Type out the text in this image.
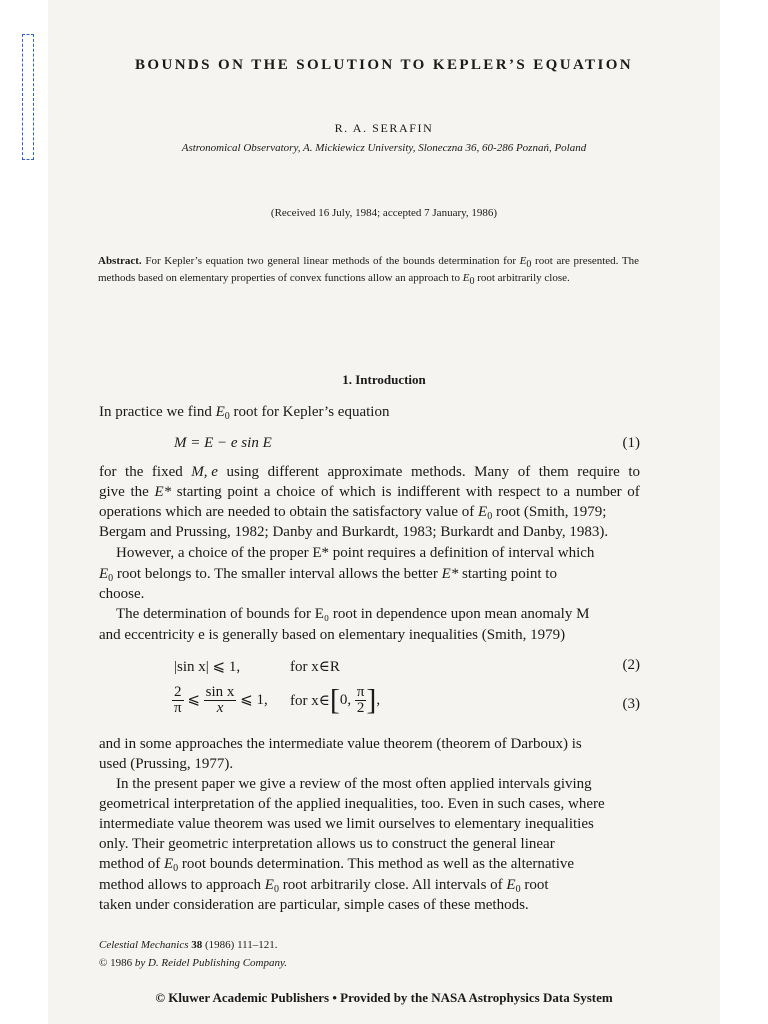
BOUNDS ON THE SOLUTION TO KEPLER’S EQUATION
R. A. SERAFIN
Astronomical Observatory, A. Mickiewicz University, Sloneczna 36, 60-286 Poznań, Poland
(Received 16 July, 1984; accepted 7 January, 1986)
Abstract. For Kepler’s equation two general linear methods of the bounds determination for $E_0$ root are presented. The methods based on elementary properties of convex functions allow an approach to $E_0$ root arbitrarily close.
1. Introduction
In practice we find $E_0$ root for Kepler’s equation
M = E − e sin E	(1)
for the fixed M, e using different approximate methods. Many of them require to
give the E* starting point a choice of which is indifferent with respect to a number of
operations which are needed to obtain the satisfactory value of $E_0$ root (Smith, 1979;
Bergam and Prussing, 1982; Danby and Burkardt, 1983; Burkardt and Danby, 1983).
However, a choice of the proper E* point requires a definition of interval which
$E_0$ root belongs to. The smaller interval allows the better E* starting point to
choose.
The determination of bounds for E₀ root in dependence upon mean anomaly M
and eccentricity e is generally based on elementary inequalities (Smith, 1979)
|sin x| ⩽ 1,	for x∈R	(2)
$\frac{2}{\pi}$ ⩽ $\frac{\text{sin x}}{x}$ ⩽ 1, for x∈[0, $\frac{\pi}{2}$ ],	(3)
and in some approaches the intermediate value theorem (theorem of Darboux) is
used (Prussing, 1977).
In the present paper we give a review of the most often applied intervals giving
geometrical interpretation of the applied inequalities, too. Even in such cases, where
intermediate value theorem was used we limit ourselves to elementary inequalities
only. Their geometric interpretation allows us to construct the general linear
method of $E_0$ root bounds determination. This method as well as the alternative
method allows to approach $E_0$ root arbitrarily close. All intervals of $E_0$ root
taken under consideration are particular, simple cases of these methods.
Celestial Mechanics 38 (1986) 111–121.
© 1986 by D. Reidel Publishing Company.
© Kluwer Academic Publishers • Provided by the NASA Astrophysics Data System
